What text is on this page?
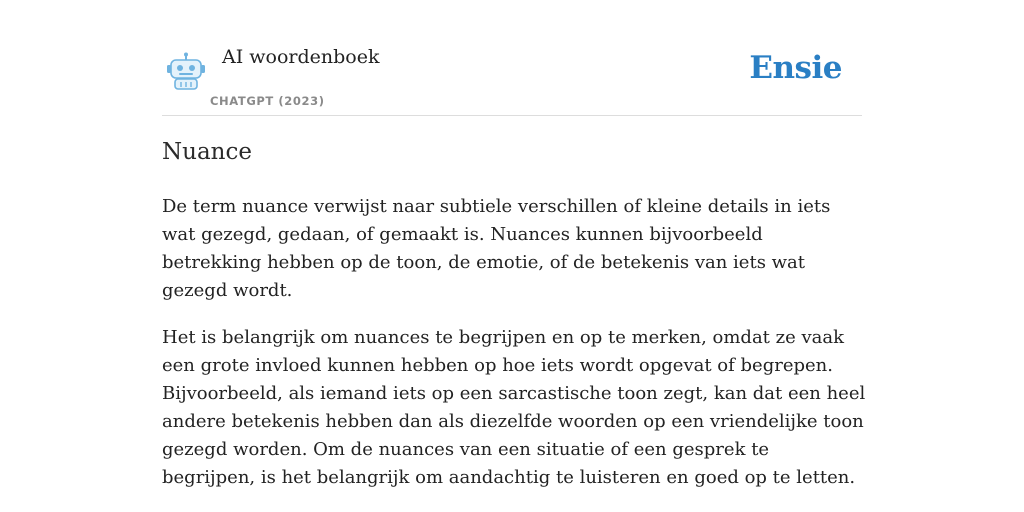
AI woordenboek
CHATGPT (2023)
Ensie
Nuance

De term nuance verwijst naar subtiele verschillen of kleine details in iets wat gezegd, gedaan, of gemaakt is. Nuances kunnen bijvoorbeeld betrekking hebben op de toon, de emotie, of de betekenis van iets wat gezegd wordt.

Het is belangrijk om nuances te begrijpen en op te merken, omdat ze vaak een grote invloed kunnen hebben op hoe iets wordt opgevat of begrepen. Bijvoorbeeld, als iemand iets op een sarcastische toon zegt, kan dat een heel andere betekenis hebben dan als diezelfde woorden op een vriendelijke toon gezegd worden. Om de nuances van een situatie of een gesprek te begrijpen, is het belangrijk om aandachtig te luisteren en goed op te letten.
